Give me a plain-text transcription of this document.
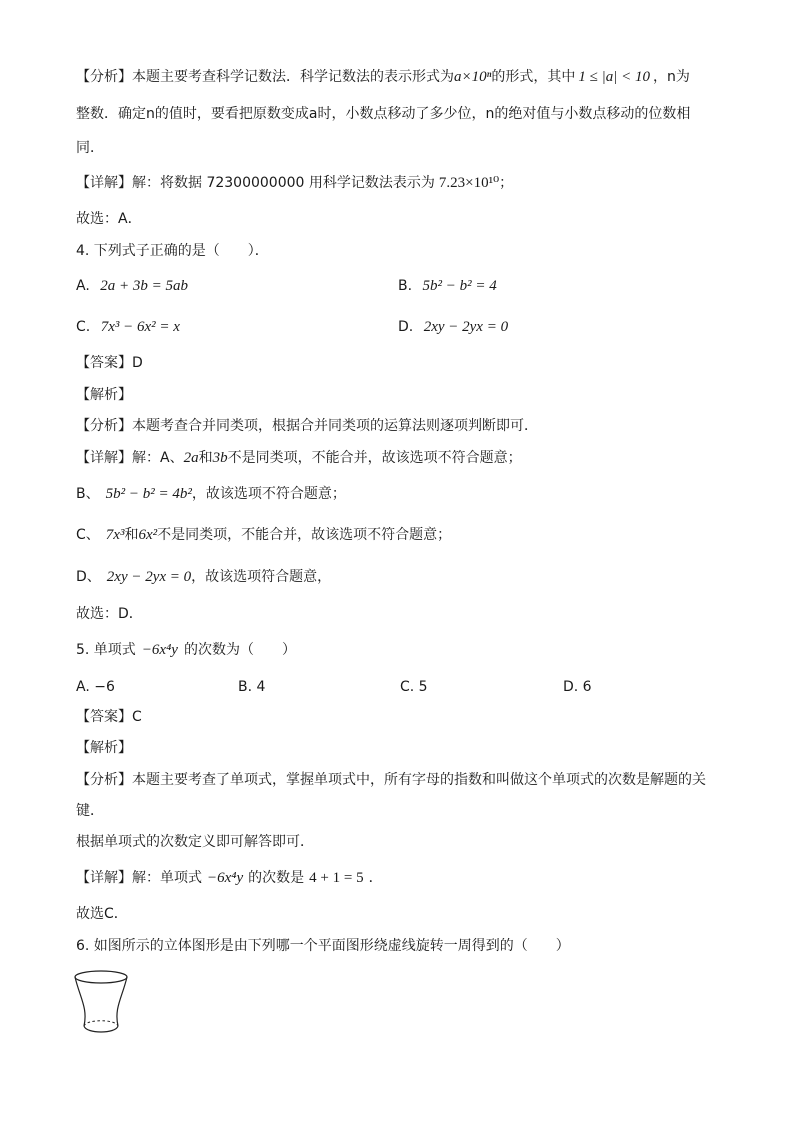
【分析】本题主要考查科学记数法．科学记数法的表示形式为a×10ⁿ的形式，其中 1 ≤ |a| < 10 ，n为
整数．确定n的值时，要看把原数变成a时，小数点移动了多少位，n的绝对值与小数点移动的位数相
同．
【详解】解：将数据 72300000000 用科学记数法表示为 7.23×10¹⁰；
故选：A．
4. 下列式子正确的是（　　）．
A. 2a + 3b = 5ab	B. 5b² − b² = 4
C. 7x³ − 6x² = x	D. 2xy − 2yx = 0
【答案】D
【解析】
【分析】本题考查合并同类项，根据合并同类项的运算法则逐项判断即可．
【详解】解：A、2a和3b不是同类项，不能合并，故该选项不符合题意；
B、 5b² − b² = 4b²，故该选项不符合题意；
C、 7x³和6x²不是同类项，不能合并，故该选项不符合题意；
D、 2xy − 2yx = 0，故该选项符合题意，
故选：D．
5. 单项式 −6x⁴y 的次数为（　　）
A. −6	B. 4	C. 5	D. 6
【答案】C
【解析】
【分析】本题主要考查了单项式，掌握单项式中，所有字母的指数和叫做这个单项式的次数是解题的关
键．
根据单项式的次数定义即可解答即可．
【详解】解：单项式 −6x⁴y 的次数是 4 + 1 = 5 ．
故选C．
6. 如图所示的立体图形是由下列哪一个平面图形绕虚线旋转一周得到的（　　）
